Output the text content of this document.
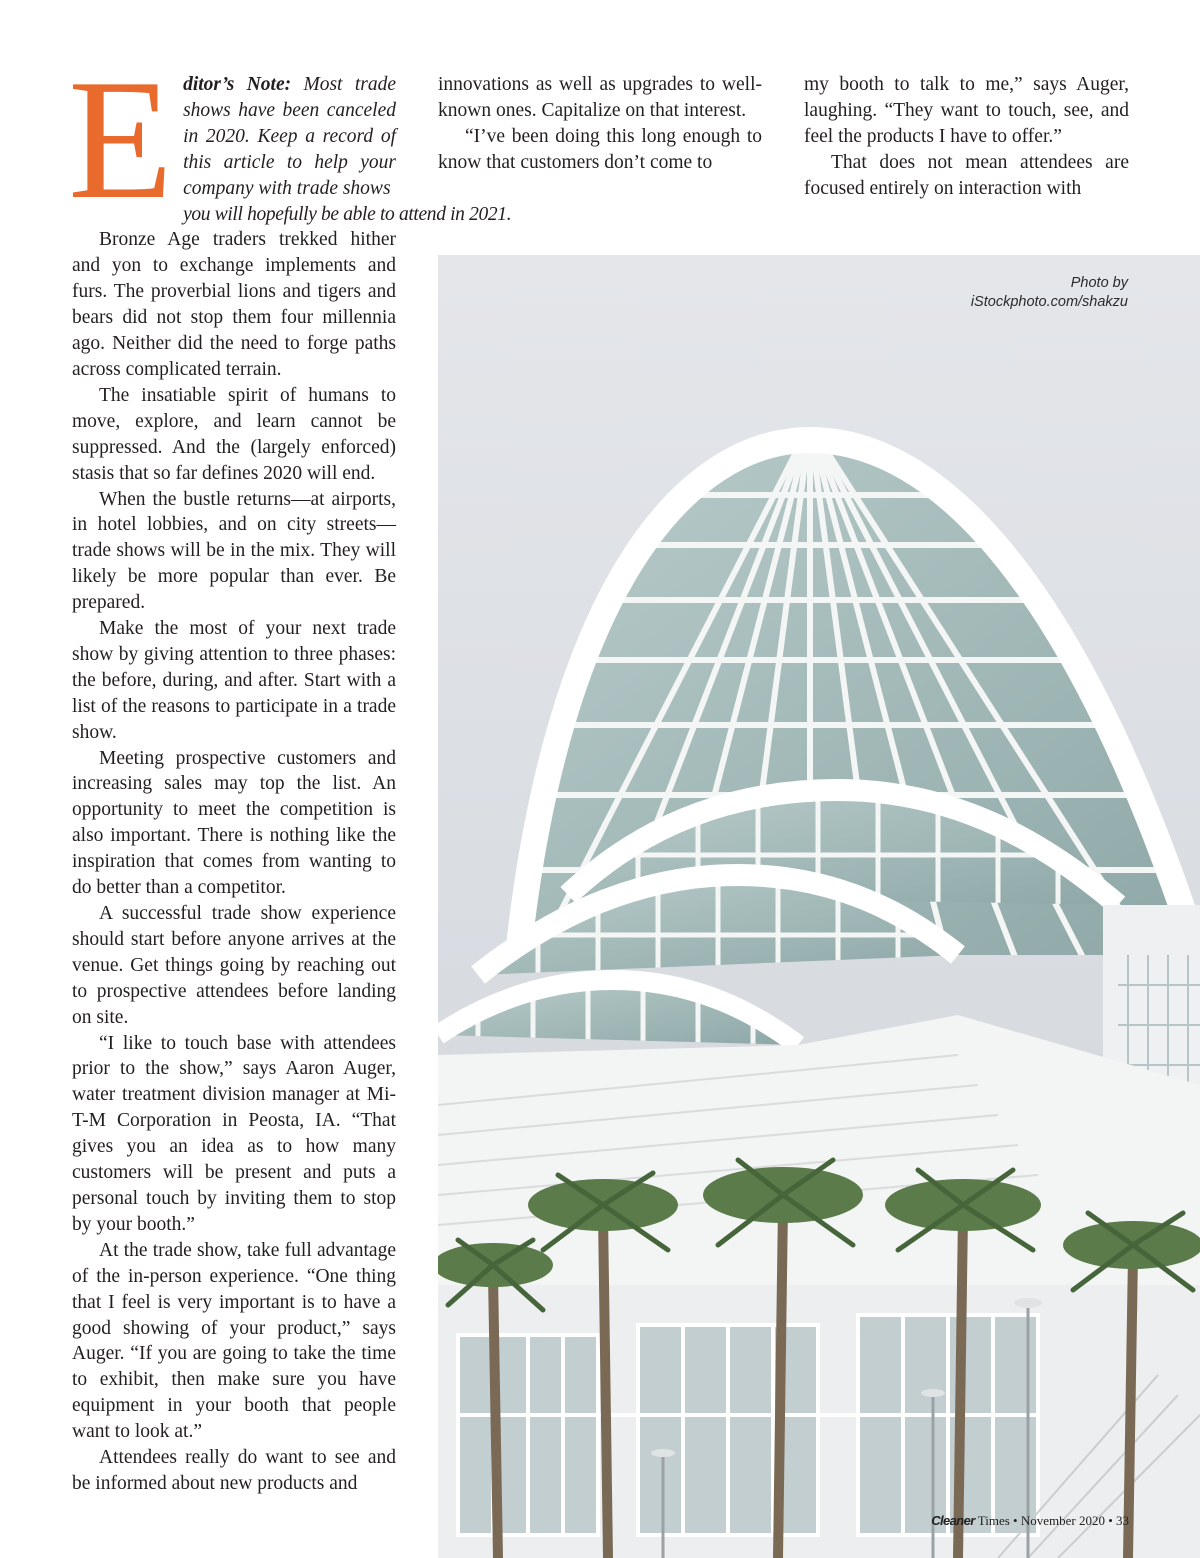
E ditor’s Note: Most trade shows have been canceled in 2020. Keep a record of this article to help your company with trade shows

you will hopefully be able to attend in 2021.

Bronze Age traders trekked hither and yon to exchange implements and furs. The proverbial lions and tigers and bears did not stop them four millennia ago. Neither did the need to forge paths across complicated terrain.

The insatiable spirit of humans to move, explore, and learn cannot be suppressed. And the (largely enforced) stasis that so far defines 2020 will end.

When the bustle returns—at airports, in hotel lobbies, and on city streets—trade shows will be in the mix. They will likely be more popular than ever. Be prepared.

Make the most of your next trade show by giving attention to three phases: the before, during, and after. Start with a list of the reasons to participate in a trade show.

Meeting prospective customers and increasing sales may top the list. An opportunity to meet the competition is also important. There is nothing like the inspiration that comes from wanting to do better than a competitor.

A successful trade show experience should start before anyone arrives at the venue. Get things going by reaching out to prospective attendees before landing on site.

“I like to touch base with attendees prior to the show,” says Aaron Auger, water treatment division manager at Mi-T-M Corporation in Peosta, IA. “That gives you an idea as to how many customers will be present and puts a personal touch by inviting them to stop by your booth.”

At the trade show, take full advantage of the in-person experience. “One thing that I feel is very important is to have a good showing of your product,” says Auger. “If you are going to take the time to exhibit, then make sure you have equipment in your booth that people want to look at.”

Attendees really do want to see and be informed about new products and

innovations as well as upgrades to well-known ones. Capitalize on that interest.

“I’ve been doing this long enough to know that customers don’t come to

my booth to talk to me,” says Auger, laughing. “They want to touch, see, and feel the products I have to offer.”

That does not mean attendees are focused entirely on interaction with

Photo by
iStockphoto.com/shakzu
Cleaner Times • November 2020 • 33
